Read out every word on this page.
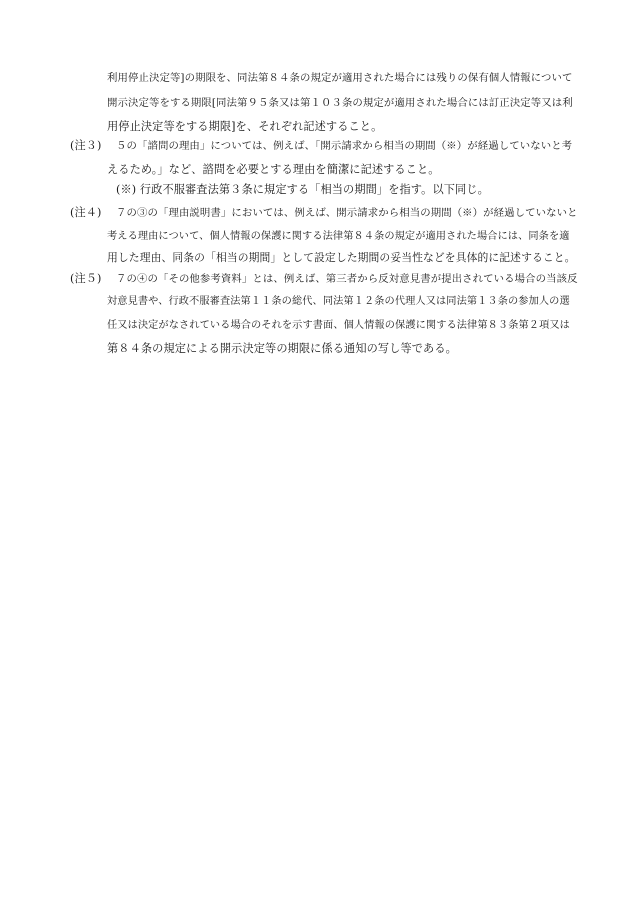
利用停止決定等]の期限を、同法第８４条の規定が適用された場合には残りの保有個人情報について
開示決定等をする期限[同法第９５条又は第１０３条の規定が適用された場合には訂正決定等又は利
用停止決定等をする期限]を、それぞれ記述すること。
(注３) ５の「諮問の理由」については、例えば、「開示請求から相当の期間（※）が経過していないと考
えるため。」など、諮問を必要とする理由を簡潔に記述すること。
(※) 行政不服審査法第３条に規定する「相当の期間」を指す。以下同じ。
(注４) ７の③の「理由説明書」においては、例えば、開示請求から相当の期間（※）が経過していないと
考える理由について、個人情報の保護に関する法律第８４条の規定が適用された場合には、同条を適
用した理由、同条の「相当の期間」として設定した期間の妥当性などを具体的に記述すること。
(注５) ７の④の「その他参考資料」とは、例えば、第三者から反対意見書が提出されている場合の当該反
対意見書や、行政不服審査法第１１条の総代、同法第１２条の代理人又は同法第１３条の参加人の選
任又は決定がなされている場合のそれを示す書面、個人情報の保護に関する法律第８３条第２項又は
第８４条の規定による開示決定等の期限に係る通知の写し等である。
